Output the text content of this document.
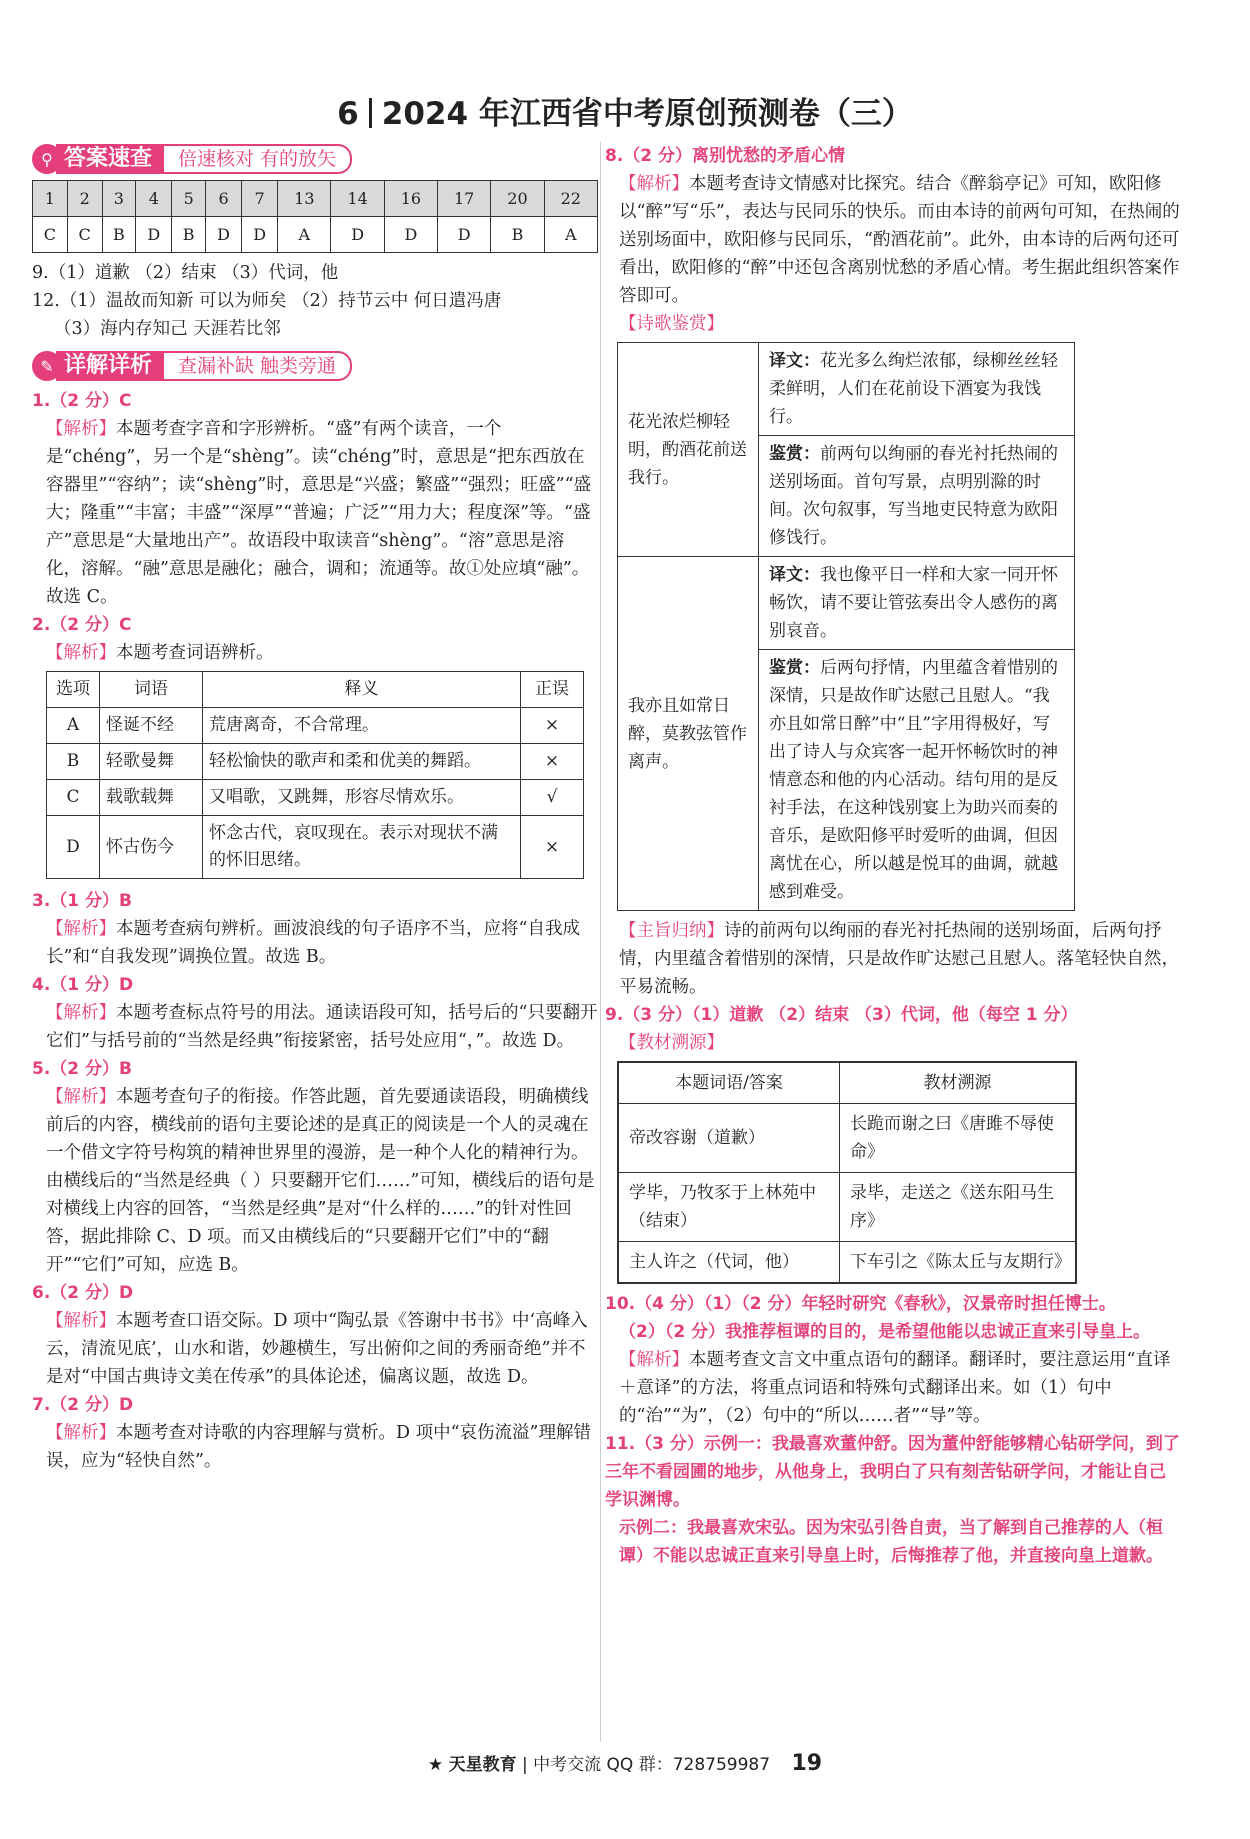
6 2024 年江西省中考原创预测卷（三）
⚲ 答案速查	倍速核对 有的放矢
1	2	3	4	5	6	7	13	14	16	17	20	22
C	C	B	D	B	D	D	A	D	D	D	B	A

9.（1）道歉 （2）结束 （3）代词，他

12.（1）温故而知新 可以为师矣 （2）持节云中 何日遣冯唐

（3）海内存知己 天涯若比邻

✎ 详解详析	查漏补缺 触类旁通
1.（2 分）C

【解析】本题考查字音和字形辨析。“盛”有两个读音，一个是“chéng”，另一个是“shèng”。读“chéng”时，意思是“把东西放在容器里”“容纳”；读“shèng”时，意思是“兴盛；繁盛”“强烈；旺盛”“盛大；隆重”“丰富；丰盛”“深厚”“普遍；广泛”“用力大；程度深”等。“盛产”意思是“大量地出产”。故语段中取读音“shèng”。“溶”意思是溶化，溶解。“融”意思是融化；融合，调和；流通等。故①处应填“融”。故选 C。

2.（2 分）C

【解析】本题考查词语辨析。

选项	词语	释义	正误
A	怪诞不经	荒唐离奇，不合常理。	×
B	轻歌曼舞	轻松愉快的歌声和柔和优美的舞蹈。	×
C	载歌载舞	又唱歌，又跳舞，形容尽情欢乐。	√
D	怀古伤今	怀念古代，哀叹现在。表示对现状不满的怀旧思绪。	×
3.（1 分）B

【解析】本题考查病句辨析。画波浪线的句子语序不当，应将“自我成长”和“自我发现”调换位置。故选 B。

4.（1 分）D

【解析】本题考查标点符号的用法。通读语段可知，括号后的“只要翻开它们”与括号前的“当然是经典”衔接紧密，括号处应用“，”。故选 D。

5.（2 分）B

【解析】本题考查句子的衔接。作答此题，首先要通读语段，明确横线前后的内容，横线前的语句主要论述的是真正的阅读是一个人的灵魂在一个借文字符号构筑的精神世界里的漫游，是一种个人化的精神行为。由横线后的“当然是经典（ ）只要翻开它们……”可知，横线后的语句是对横线上内容的回答，“当然是经典”是对“什么样的……”的针对性回答，据此排除 C、D 项。而又由横线后的“只要翻开它们”中的“翻开”“它们”可知，应选 B。

6.（2 分）D

【解析】本题考查口语交际。D 项中“陶弘景《答谢中书书》中‘高峰入云，清流见底’，山水和谐，妙趣横生，写出俯仰之间的秀丽奇绝”并不是对“中国古典诗文美在传承”的具体论述，偏离议题，故选 D。

7.（2 分）D

【解析】本题考查对诗歌的内容理解与赏析。D 项中“哀伤流溢”理解错误，应为“轻快自然”。

8.（2 分）离别忧愁的矛盾心情

【解析】本题考查诗文情感对比探究。结合《醉翁亭记》可知，欧阳修以“醉”写“乐”，表达与民同乐的快乐。而由本诗的前两句可知，在热闹的送别场面中，欧阳修与民同乐，“酌酒花前”。此外，由本诗的后两句还可看出，欧阳修的“醉”中还包含离别忧愁的矛盾心情。考生据此组织答案作答即可。

【诗歌鉴赏】

花光浓烂柳轻明，酌酒花前送我行。	译文：花光多么绚烂浓郁，绿柳丝丝轻柔鲜明，人们在花前设下酒宴为我饯行。
	鉴赏：前两句以绚丽的春光衬托热闹的送别场面。首句写景，点明别滁的时间。次句叙事，写当地吏民特意为欧阳修饯行。
我亦且如常日醉，莫教弦管作离声。	译文：我也像平日一样和大家一同开怀畅饮，请不要让管弦奏出令人感伤的离别哀音。
	鉴赏：后两句抒情，内里蕴含着惜别的深情，只是故作旷达慰己且慰人。“我亦且如常日醉”中“且”字用得极好，写出了诗人与众宾客一起开怀畅饮时的神情意态和他的内心活动。结句用的是反衬手法，在这种饯别宴上为助兴而奏的音乐，是欧阳修平时爱听的曲调，但因离忧在心，所以越是悦耳的曲调，就越感到难受。

【主旨归纳】诗的前两句以绚丽的春光衬托热闹的送别场面，后两句抒情，内里蕴含着惜别的深情，只是故作旷达慰己且慰人。落笔轻快自然，平易流畅。

9.（3 分）（1）道歉 （2）结束 （3）代词，他（每空 1 分）

【教材溯源】

本题词语/答案	教材溯源
帝改容谢（道歉）	长跪而谢之曰《唐雎不辱使命》
学毕，乃牧豕于上林苑中（结束）	录毕，走送之《送东阳马生序》
主人许之（代词，他）	下车引之《陈太丘与友期行》
10.（4 分）（1）（2 分）年轻时研究《春秋》，汉景帝时担任博士。
（2）（2 分）我推荐桓谭的目的，是希望他能以忠诚正直来引导皇上。

【解析】本题考查文言文中重点语句的翻译。翻译时，要注意运用“直译＋意译”的方法，将重点词语和特殊句式翻译出来。如（1）句中的“治”“为”，（2）句中的“所以……者”“导”等。

11.（3 分）示例一：我最喜欢董仲舒。因为董仲舒能够精心钻研学问，到了三年不看园圃的地步，从他身上，我明白了只有刻苦钻研学问，才能让自己学识渊博。
示例二：我最喜欢宋弘。因为宋弘引咎自责，当了解到自己推荐的人（桓谭）不能以忠诚正直来引导皇上时，后悔推荐了他，并直接向皇上道歉。
★ 天星教育 | 中考交流 QQ 群：728759987 19
